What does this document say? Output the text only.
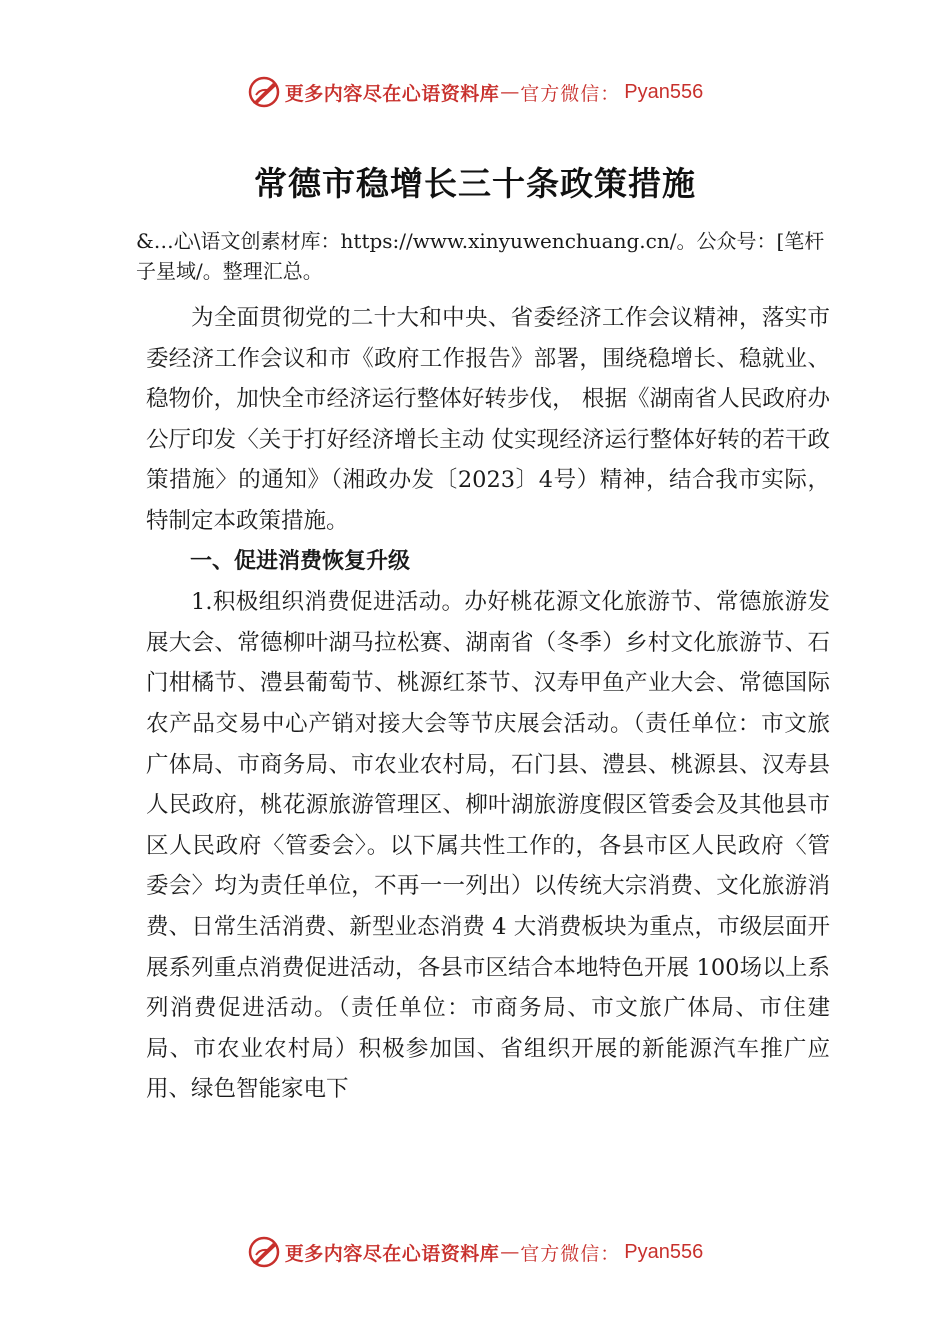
更多内容尽在心语资料库 — 官方微信： Pyan556
常德市稳增长三十条政策措施
&…心\语文创素材库：https://www.xinyuwenchuang.cn/。公众号：[笔杆子星域/。整理汇总。

为全面贯彻党的二十大和中央、省委经济工作会议精神，落实市委经济工作会议和市《政府工作报告》部署，围绕稳增长、稳就业、稳物价，加快全市经济运行整体好转步伐， 根据《湖南省人民政府办公厅印发〈关于打好经济增长主动 仗实现经济运行整体好转的若干政策措施〉的通知》（湘政办发〔2023〕4号）精神，结合我市实际，特制定本政策措施。

一、促进消费恢复升级

1.积极组织消费促进活动。办好桃花源文化旅游节、常德旅游发展大会、常德柳叶湖马拉松赛、湖南省（冬季）乡村文化旅游节、石门柑橘节、澧县葡萄节、桃源红茶节、汉寿甲鱼产业大会、常德国际农产品交易中心产销对接大会等节庆展会活动。（责任单位：市文旅广体局、市商务局、市农业农村局，石门县、澧县、桃源县、汉寿县人民政府，桃花源旅游管理区、柳叶湖旅游度假区管委会及其他县市区人民政府〈管委会〉。以下属共性工作的，各县市区人民政府〈管委会〉均为责任单位，不再一一列出）以传统大宗消费、文化旅游消费、日常生活消费、新型业态消费 4 大消费板块为重点，市级层面开展系列重点消费促进活动，各县市区结合本地特色开展 100场以上系列消费促进活动。（责任单位：市商务局、市文旅广体局、市住建局、市农业农村局）积极参加国、省组织开展的新能源汽车推广应用、绿色智能家电下

更多内容尽在心语资料库 — 官方微信： Pyan556
